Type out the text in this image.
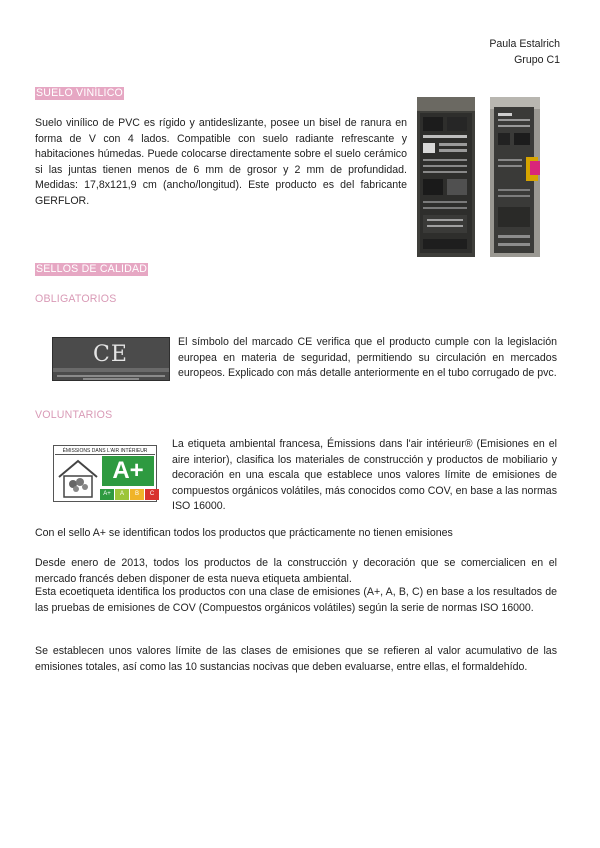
Paula Estalrich
Grupo C1
SUELO VINÍLICO
Suelo vinílico de PVC es rígido y antideslizante, posee un bisel de ranura en forma de V con 4 lados. Compatible con suelo radiante refrescante y habitaciones húmedas. Puede colocarse directamente sobre el suelo cerámico si las juntas tienen menos de 6 mm de grosor y 2 mm de profundidad. Medidas: 17,8x121,9 cm (ancho/longitud). Este producto es del fabricante GERFLOR.
SELLOS DE CALIDAD
OBLIGATORIOS
CE	El símbolo del marcado CE verifica que el producto cumple con la legislación europea en materia de seguridad, permitiendo su circulación en mercados europeos. Explicado con más detalle anteriormente en el tubo corrugado de pvc.
VOLUNTARIOS
ÉMISSIONS DANS L'AIR INTÉRIEUR
A+
A+	A	B	C
La etiqueta ambiental francesa, Émissions dans l'air intérieur® (Emisiones en el aire interior), clasifica los materiales de construcción y productos de mobiliario y decoración en una escala que establece unos valores límite de emisiones de compuestos orgánicos volátiles, más conocidos como COV, en base a las normas ISO 16000.
Con el sello A+ se identifican todos los productos que prácticamente no tienen emisiones
Desde enero de 2013, todos los productos de la construcción y decoración que se comercialicen en el mercado francés deben disponer de esta nueva etiqueta ambiental.
Esta ecoetiqueta identifica los productos con una clase de emisiones (A+, A, B, C) en base a los resultados de las pruebas de emisiones de COV (Compuestos orgánicos volátiles) según la serie de normas ISO 16000.
Se establecen unos valores límite de las clases de emisiones que se refieren al valor acumulativo de las emisiones totales, así como las 10 sustancias nocivas que deben evaluarse, entre ellas, el formaldehído.
